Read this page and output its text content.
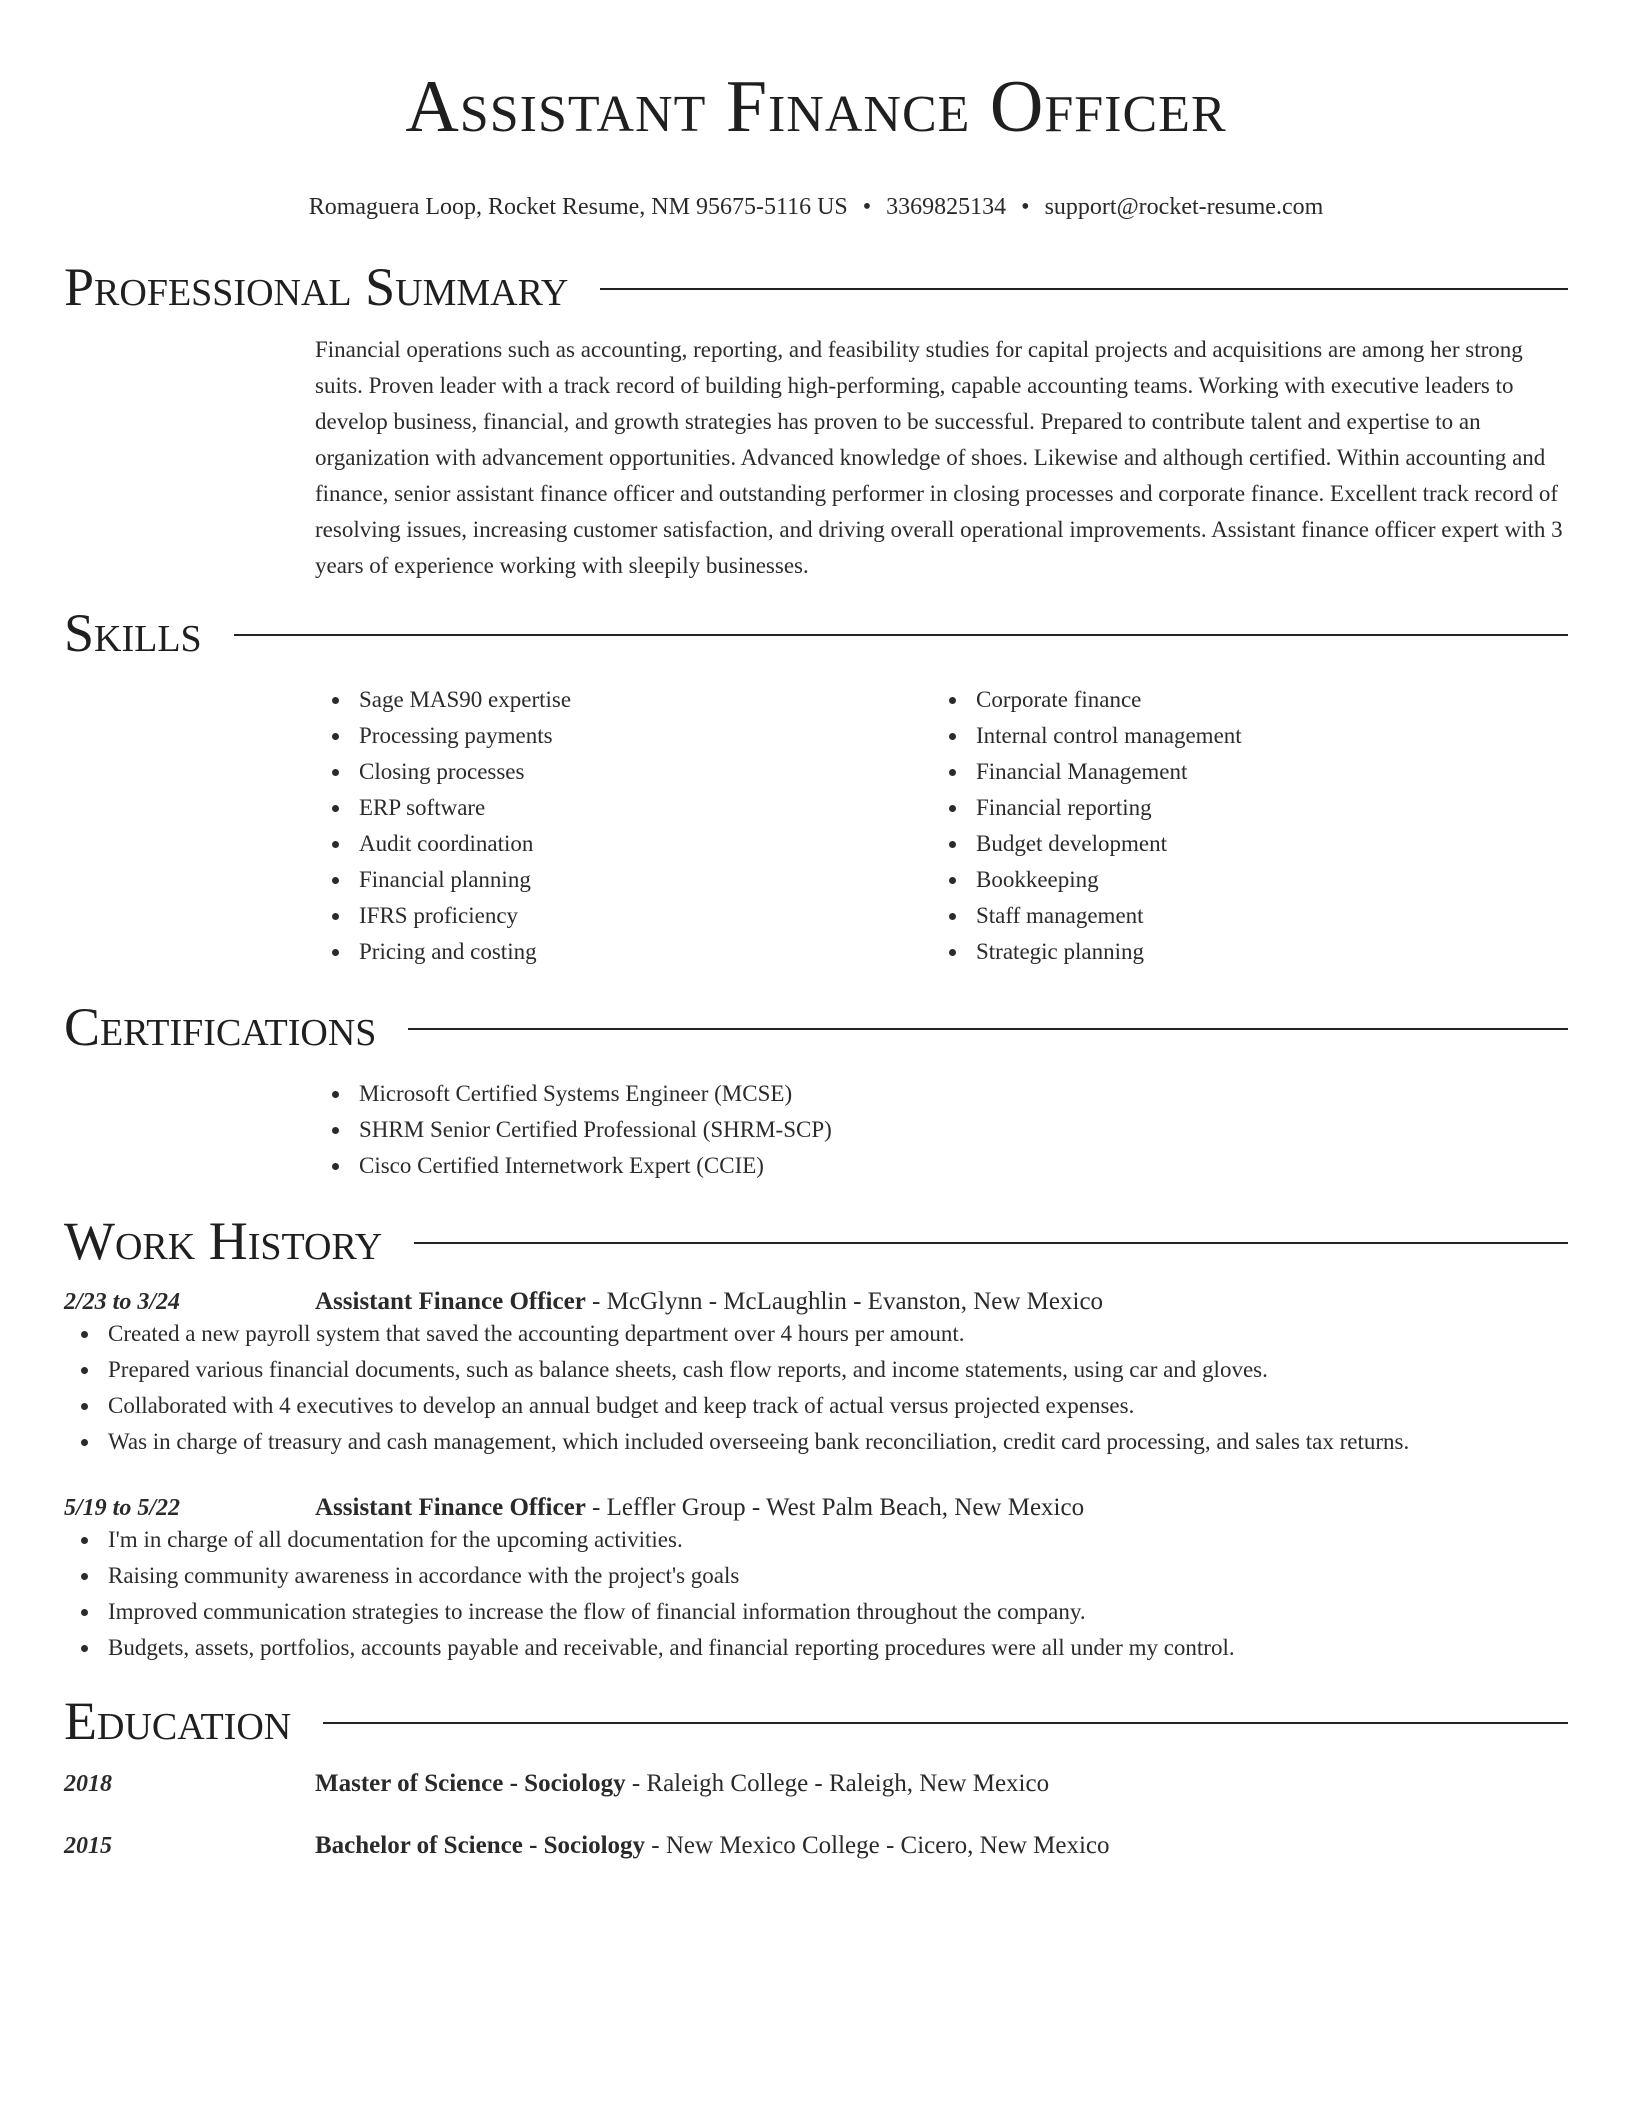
Assistant Finance Officer
Romaguera Loop, Rocket Resume, NM 95675-5116 US • 3369825134 • support@rocket-resume.com
Professional Summary
Financial operations such as accounting, reporting, and feasibility studies for capital projects and acquisitions are among her strong suits. Proven leader with a track record of building high-performing, capable accounting teams. Working with executive leaders to develop business, financial, and growth strategies has proven to be successful. Prepared to contribute talent and expertise to an organization with advancement opportunities. Advanced knowledge of shoes. Likewise and although certified. Within accounting and finance, senior assistant finance officer and outstanding performer in closing processes and corporate finance. Excellent track record of resolving issues, increasing customer satisfaction, and driving overall operational improvements. Assistant finance officer expert with 3 years of experience working with sleepily businesses.
Skills
Sage MAS90 expertise
Processing payments
Closing processes
ERP software
Audit coordination
Financial planning
IFRS proficiency
Pricing and costing
Corporate finance
Internal control management
Financial Management
Financial reporting
Budget development
Bookkeeping
Staff management
Strategic planning
Certifications
Microsoft Certified Systems Engineer (MCSE)
SHRM Senior Certified Professional (SHRM-SCP)
Cisco Certified Internetwork Expert (CCIE)
Work History
2/23 to 3/24	Assistant Finance Officer - McGlynn - McLaughlin - Evanston, New Mexico
Created a new payroll system that saved the accounting department over 4 hours per amount.
Prepared various financial documents, such as balance sheets, cash flow reports, and income statements, using car and gloves.
Collaborated with 4 executives to develop an annual budget and keep track of actual versus projected expenses.
Was in charge of treasury and cash management, which included overseeing bank reconciliation, credit card processing, and sales tax returns.
5/19 to 5/22	Assistant Finance Officer - Leffler Group - West Palm Beach, New Mexico
I'm in charge of all documentation for the upcoming activities.
Raising community awareness in accordance with the project's goals
Improved communication strategies to increase the flow of financial information throughout the company.
Budgets, assets, portfolios, accounts payable and receivable, and financial reporting procedures were all under my control.
Education
2018	Master of Science - Sociology - Raleigh College - Raleigh, New Mexico
2015	Bachelor of Science - Sociology - New Mexico College - Cicero, New Mexico
